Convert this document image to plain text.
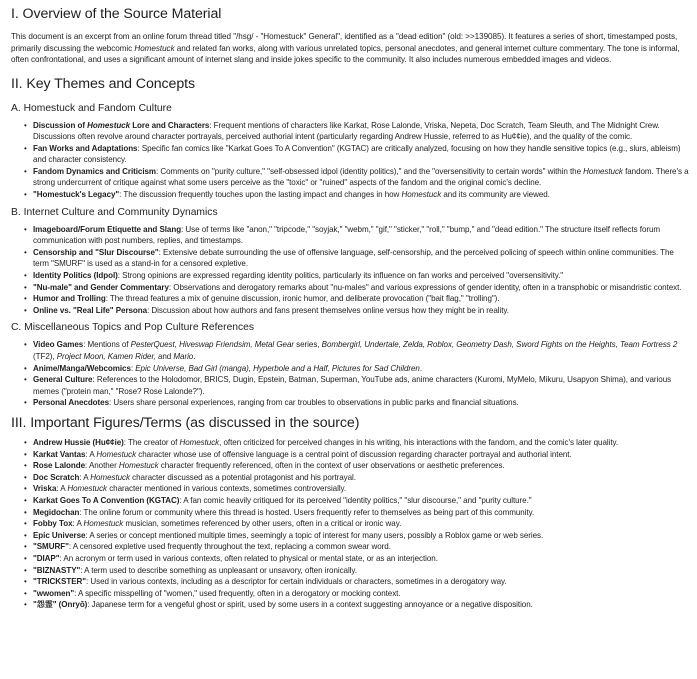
I. Overview of the Source Material

This document is an excerpt from an online forum thread titled "/hsg/ - "Homestuck" General", identified as a "dead edition" (old: >>139085). It features a series of short, timestamped posts, primarily discussing the webcomic Homestuck and related fan works, along with various unrelated topics, personal anecdotes, and general internet culture commentary. The tone is informal, often confrontational, and uses a significant amount of internet slang and inside jokes specific to the community. It also includes numerous embedded images and videos.

II. Key Themes and Concepts
A. Homestuck and Fandom Culture
• Discussion of Homestuck Lore and Characters: Frequent mentions of characters like Karkat, Rose Lalonde, Vriska, Nepeta, Doc Scratch, Team Sleuth, and The Midnight Crew. Discussions often revolve around character portrayals, perceived authorial intent (particularly regarding Andrew Hussie, referred to as Hu¢¢ie), and the quality of the comic.
• Fan Works and Adaptations: Specific fan comics like "Karkat Goes To A Convention" (KGTAC) are critically analyzed, focusing on how they handle sensitive topics (e.g., slurs, ableism) and character consistency.
• Fandom Dynamics and Criticism: Comments on "purity culture," "self-obsessed idpol (identity politics)," and the "oversensitivity to certain words" within the Homestuck fandom. There's a strong undercurrent of critique against what some users perceive as the "toxic" or "ruined" aspects of the fandom and the original comic's decline.
• "Homestuck's Legacy": The discussion frequently touches upon the lasting impact and changes in how Homestuck and its community are viewed.
B. Internet Culture and Community Dynamics
• Imageboard/Forum Etiquette and Slang: Use of terms like "anon," "tripcode," "soyjak," "webm," "gif," "sticker," "roll," "bump," and "dead edition." The structure itself reflects forum communication with post numbers, replies, and timestamps.
• Censorship and "Slur Discourse": Extensive debate surrounding the use of offensive language, self-censorship, and the perceived policing of speech within online communities. The term "SMURF" is used as a stand-in for a censored expletive.
• Identity Politics (Idpol): Strong opinions are expressed regarding identity politics, particularly its influence on fan works and perceived "oversensitivity."
• "Nu-male" and Gender Commentary: Observations and derogatory remarks about "nu-males" and various expressions of gender identity, often in a transphobic or misandristic context.
• Humor and Trolling: The thread features a mix of genuine discussion, ironic humor, and deliberate provocation ("bait flag," "trolling").
• Online vs. "Real Life" Persona: Discussion about how authors and fans present themselves online versus how they might be in reality.
C. Miscellaneous Topics and Pop Culture References
• Video Games: Mentions of PesterQuest, Hiveswap Friendsim, Metal Gear series, Bombergirl, Undertale, Zelda, Roblox, Geometry Dash, Sword Fights on the Heights, Team Fortress 2 (TF2), Project Moon, Kamen Rider, and Mario.
• Anime/Manga/Webcomics: Epic Universe, Bad Girl (manga), Hyperbole and a Half, Pictures for Sad Children.
• General Culture: References to the Holodomor, BRICS, Dugin, Epstein, Batman, Superman, YouTube ads, anime characters (Kuromi, MyMelo, Mikuru, Usapyon Shima), and various memes ("protein man," "Rose? Rose Lalonde?").
• Personal Anecdotes: Users share personal experiences, ranging from car troubles to observations in public parks and financial situations.
III. Important Figures/Terms (as discussed in the source)
• Andrew Hussie (Hu¢¢ie): The creator of Homestuck, often criticized for perceived changes in his writing, his interactions with the fandom, and the comic's later quality.
• Karkat Vantas: A Homestuck character whose use of offensive language is a central point of discussion regarding character portrayal and authorial intent.
• Rose Lalonde: Another Homestuck character frequently referenced, often in the context of user observations or aesthetic preferences.
• Doc Scratch: A Homestuck character discussed as a potential protagonist and his portrayal.
• Vriska: A Homestuck character mentioned in various contexts, sometimes controversially.
• Karkat Goes To A Convention (KGTAC): A fan comic heavily critiqued for its perceived "identity politics," "slur discourse," and "purity culture."
• Megidochan: The online forum or community where this thread is hosted. Users frequently refer to themselves as being part of this community.
• Fobby Tox: A Homestuck musician, sometimes referenced by other users, often in a critical or ironic way.
• Epic Universe: A series or concept mentioned multiple times, seemingly a topic of interest for many users, possibly a Roblox game or web series.
• "SMURF": A censored expletive used frequently throughout the text, replacing a common swear word.
• "DIAP": An acronym or term used in various contexts, often related to physical or mental state, or as an interjection.
• "BIZNASTY": A term used to describe something as unpleasant or unsavory, often ironically.
• "TRICKSTER": Used in various contexts, including as a descriptor for certain individuals or characters, sometimes in a derogatory way.
• "wwomen": A specific misspelling of "women," used frequently, often in a derogatory or mocking context.
• "怨霊" (Onryō): Japanese term for a vengeful ghost or spirit, used by some users in a context suggesting annoyance or a negative disposition.
